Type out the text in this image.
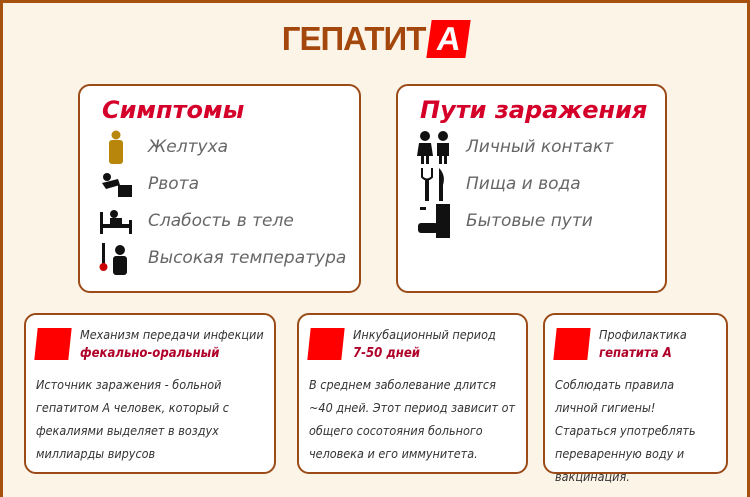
ГЕПАТИТ А
Симптомы
Желтуха
Рвота
Слабость в теле
Высокая температура
Пути заражения
Личный контакт
Пища и вода
Бытовые пути
Механизм передачи инфекции
фекально-оральный
Источник заражения - больной гепатитом А человек, который с фекалиями выделяет в воздух миллиарды вирусов
Инкубационный период
7-50 дней
В среднем заболевание длится ~40 дней. Этот период зависит от общего сосотояния больного человека и его иммунитета.
Профилактика
гепатита А
Соблюдать правила личной гигиены! Стараться употреблять переваренную воду и вакцинация.
